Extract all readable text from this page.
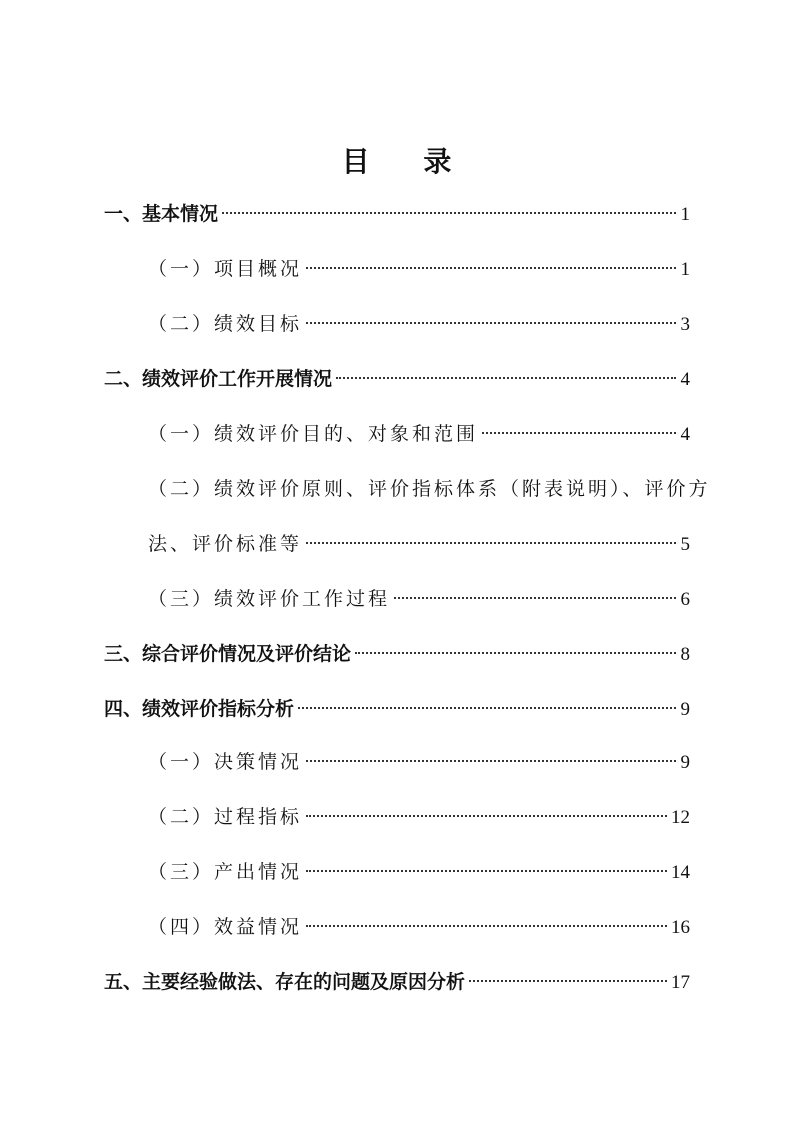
目 录
一、基本情况	1
（一）项目概况	1
（二）绩效目标	3
二、绩效评价工作开展情况	4
（一）绩效评价目的、对象和范围	4
（二）绩效评价原则、评价指标体系（附表说明）、评价方
法、评价标准等	5
（三）绩效评价工作过程	6
三、综合评价情况及评价结论	8
四、绩效评价指标分析	9
（一）决策情况	9
（二）过程指标	12
（三）产出情况	14
（四）效益情况	16
五、主要经验做法、存在的问题及原因分析	17
